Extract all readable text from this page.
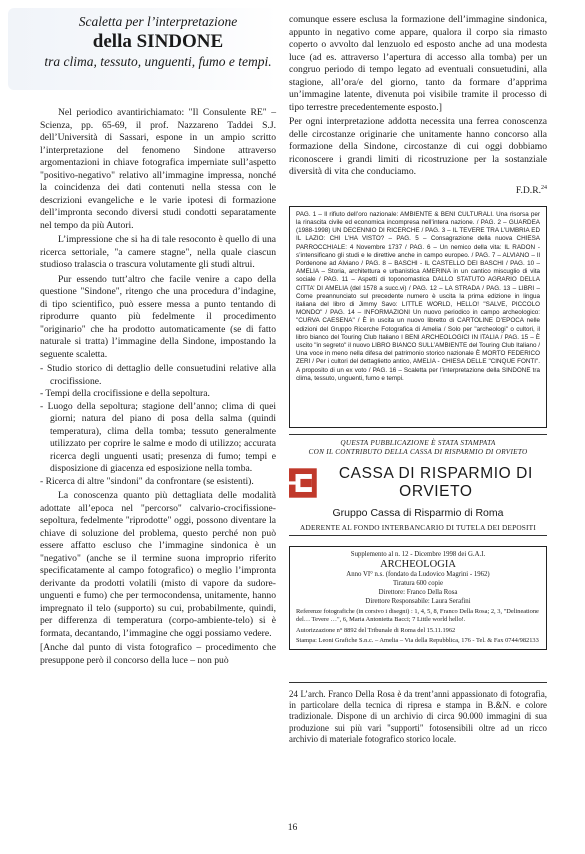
Scaletta per l’interpretazione
della SINDONE
tra clima, tessuto, unguenti, fumo e tempi.

Nel periodico avantirichiamato: "Il Consulente RE" – Scienza, pp. 65-69, il prof. Nazzareno Taddei S.J. dell’Università di Sassari, espone in un ampio scritto l’interpretazione del fenomeno Sindone attraverso argomentazioni in chiave fotografica imperniate sull’aspetto "positivo-negativo" relativo all’immagine impressa, nonché la coincidenza dei dati contenuti nella stessa con le descrizioni evangeliche e le varie ipotesi di formazione dell’impronta secondo diversi studi condotti separatamente nel tempo da più Autori.

L’impressione che si ha di tale resoconto è quello di una ricerca settoriale, "a camere stagne", nella quale ciascun studioso tralascia o trascura volutamente gli studi altrui.

Pur essendo tutt’altro che facile venire a capo della questione "Sindone", ritengo che una procedura d’indagine, di tipo scientifico, può essere messa a punto tentando di riprodurre quanto più fedelmente il procedimento "originario" che ha prodotto automaticamente (se di fatto naturale si tratta) l’immagine della Sindone, impostando la seguente scaletta.

- Studio storico di dettaglio delle consuetudini relative alla crocifissione.
- Tempi della crocifissione e della sepoltura.
- Luogo della sepoltura; stagione dell’anno; clima di quei giorni; natura del piano di posa della salma (quindi temperatura), clima della tomba; tessuto generalmente utilizzato per coprire le salme e modo di utilizzo; accurata ricerca degli unguenti usati; presenza di fumo; tempi e disposizione di giacenza ed esposizione nella tomba.
- Ricerca di altre "sindoni" da confrontare (se esistenti).

La conoscenza quanto più dettagliata delle modalità adottate all’epoca nel "percorso" calvario-crocifissione-sepoltura, fedelmente "riprodotte" oggi, possono diventare la chiave di soluzione del problema, questo perché non può essere affatto escluso che l’immagine sindonica è un "negativo" (anche se il termine suona improprio riferito specificatamente al campo fotografico) o meglio l’impronta derivante da prodotti volatili (misto di vapore da sudore-unguenti e fumo) che per termocondensa, unitamente, hanno impregnato il telo (supporto) su cui, probabilmente, quindi, per differenza di temperatura (corpo-ambiente-telo) si è formata, decantando, l’immagine che oggi possiamo vedere.

[Anche dal punto di vista fotografico – procedimento che presuppone però il concorso della luce – non può

comunque essere esclusa la formazione dell’immagine sindonica, appunto in negativo come appare, qualora il corpo sia rimasto coperto o avvolto dal lenzuolo ed esposto anche ad una modesta luce (ad es. attraverso l’apertura di accesso alla tomba) per un congruo periodo di tempo legato ad eventuali consuetudini, alla stagione, all’ora/e del giorno, tanto da formare d’apprima un’immagine latente, divenuta poi visibile tramite il processo di tipo terrestre precedentemente esposto.]

Per ogni interpretazione addotta necessita una ferrea conoscenza delle circostanze originarie che unitamente hanno concorso alla formazione della Sindone, circostanze di cui oggi dobbiamo riconoscere i grandi limiti di ricostruzione per la sostanziale diversità di vita che conduciamo.

F.D.R.$^{24}$
PAG. 1 – Il rifiuto dell’oro nazionale: AMBIENTE & BENI CULTURALI. Una risorsa per la rinascita civile ed economica incompresa nell’intera nazione. / PAG. 2 – GUARDEA (1988-1998) UN DECENNIO DI RICERCHE / PAG. 3 – IL TEVERE TRA L’UMBRIA ED IL LAZIO: CHI L’HA VISTO? – PAG. 5 – Consagrazione della nuova CHIESA PARROCCHIALE: 4 Novembre 1737 / PAG. 6 – Un nemico della vita: IL RADON - s’intensificano gli studi e le direttive anche in campo europeo. / PAG. 7 – ALVIANO – Il Pordenone ad Alviano / PAG. 8 – BASCHI - IL CASTELLO DEI BASCHI / PAG. 10 – AMELIA – Storia, architettura e urbanistica AMERINA in un cantico miscuglio di vita sociale / PAG. 11 – Aspetti di toponomastica DALLO STATUTO AGRARIO DELLA CITTA’ DI AMELIA (del 1578 a succ.vi) / PAG. 12 – LA STRADA / PAG. 13 – LIBRI – Come preannunciato sul precedente numero è uscita la prima edizione in lingua italiana del libro di Jimmy Savo: LITTLE WORLD, HELLO! "SALVE, PICCOLO MONDO" / PAG. 14 – INFORMAZIONI Un nuovo periodico in campo archeologico: "CURVA CAESENA" / È in uscita un nuovo libretto di CARTOLINE D’EPOCA nelle edizioni del Gruppo Ricerche Fotografica di Amelia / Solo per "archeologi" o cultori, il libro bianco del Touring Club Italiano I BENI ARCHEOLOGICI IN ITALIA / PAG. 15 – È uscito "in segreto" il nuovo LIBRO BIANCO SULL’AMBIENTE del Touring Club Italiano / Una voce in meno nella difesa del patrimonio storico nazionale È MORTO FEDERICO ZERI / Per i cultori del dettaglietto antico, AMELIA - CHIESA DELLE "CINQUE FONTI". A proposito di un ex voto / PAG. 16 – Scaletta per l’interpretazione della SINDONE tra clima, tessuto, unguenti, fumo e tempi.
QUESTA PUBBLICAZIONE È STATA STAMPATA
CON IL CONTRIBUTO DELLA CASSA DI RISPARMIO DI ORVIETO
CASSA DI RISPARMIO DI ORVIETO
Gruppo Cassa di Risparmio di Roma
ADERENTE AL FONDO INTERBANCARIO DI TUTELA DEI DEPOSITI
Supplemento al n. 12 - Dicembre 1998 dei G.A.I.
ARCHEOLOGIA
Anno VI° n.s. (fondato da Ludovico Magrini - 1962)
Tiratura 600 copie
Direttore: Franco Della Rosa
Direttore Responsabile: Laura Serafini
Referenze fotografiche (in corsivo i disegni) : 1, 4, 5, 8, Franco Della Rosa; 2, 3, "Delineatione del… Tevere …", 6, Maria Antonietta Bacci; 7 Little world hello!.
Autorizzazione n° 8892 del Tribunale di Roma del 15.11.1962
Stampa: Leoni Grafiche S.n.c. – Amelia – Via della Repubblica, 176 - Tel. & Fax 0744/982133
24 L’arch. Franco Della Rosa è da trent’anni appassionato di fotografia, in particolare della tecnica di ripresa e stampa in B.&N. e colore tradizionale. Dispone di un archivio di circa 90.000 immagini di sua produzione sui più vari "supporti" fotosensibili oltre ad un ricco archivio di materiale fotografico storico locale.
16
